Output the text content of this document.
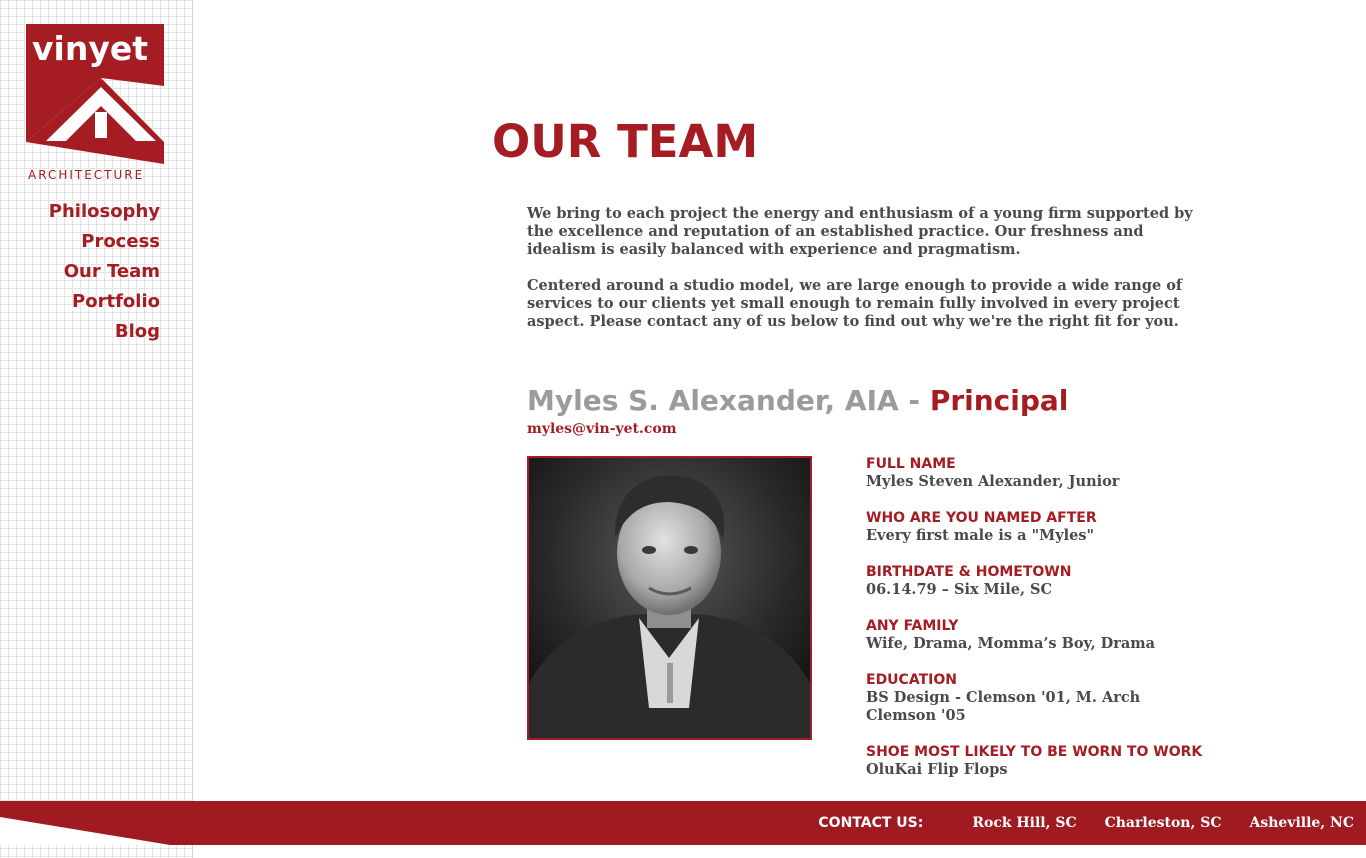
vinyet
ARCHITECTURE
Philosophy
Process
Our Team
Portfolio
Blog
OUR TEAM

We bring to each project the energy and enthusiasm of a young firm supported by the excellence and reputation of an established practice. Our freshness and idealism is easily balanced with experience and pragmatism.

Centered around a studio model, we are large enough to provide a wide range of services to our clients yet small enough to remain fully involved in every project aspect. Please contact any of us below to find out why we're the right fit for you.

Myles S. Alexander, AIA - Principal
myles@vin-yet.com
FULL NAME
Myles Steven Alexander, Junior
WHO ARE YOU NAMED AFTER
Every first male is a "Myles"
BIRTHDATE & HOMETOWN
06.14.79 – Six Mile, SC
ANY FAMILY
Wife, Drama, Momma’s Boy, Drama
EDUCATION
BS Design - Clemson '01, M. Arch Clemson '05
SHOE MOST LIKELY TO BE WORN TO WORK
OluKai Flip Flops
CONTACT US:	Rock Hill, SC Charleston, SC Asheville, NC
